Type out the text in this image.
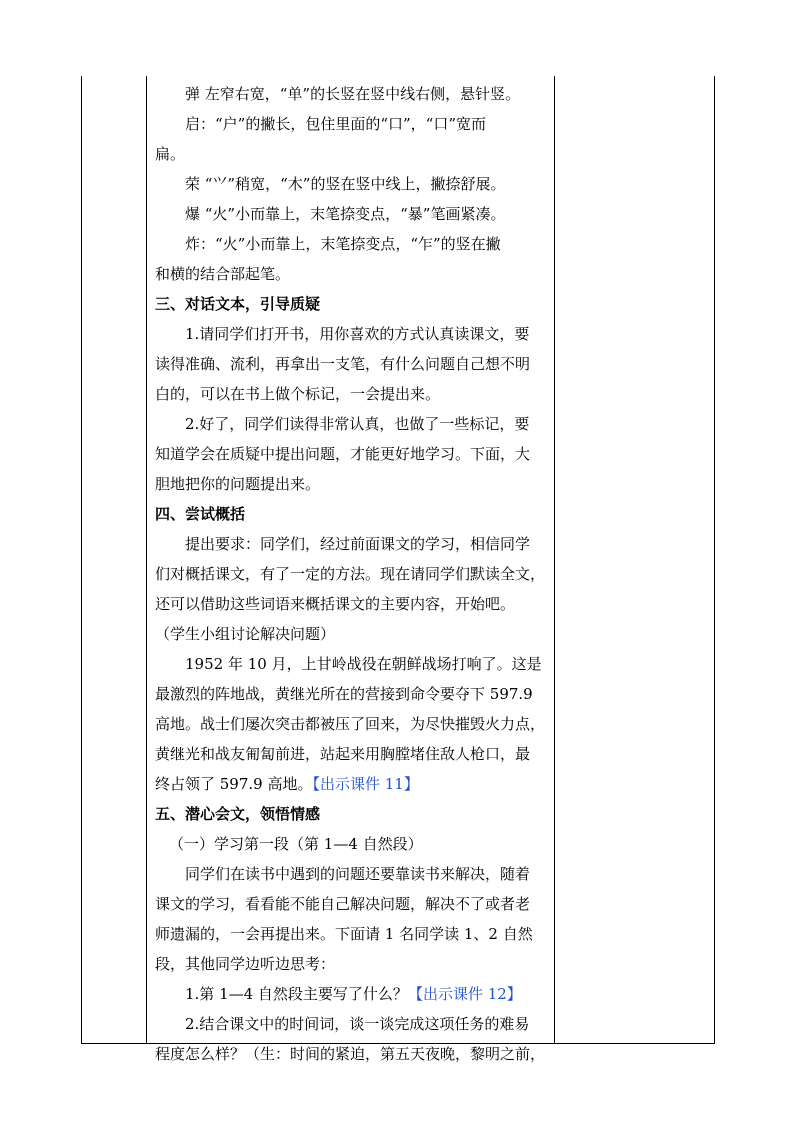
弹 左窄右宽，“单”的长竖在竖中线右侧，悬针竖。
启：“户”的撇长，包住里面的“口”，“口”宽而
扁。
荣 “⺍”稍宽，“木”的竖在竖中线上，撇捺舒展。
爆 “火”小而靠上，末笔捺变点，“暴”笔画紧凑。
炸：“火”小而靠上，末笔捺变点，“乍”的竖在撇
和横的结合部起笔。
三、对话文本，引导质疑
1.请同学们打开书，用你喜欢的方式认真读课文，要
读得准确、流利，再拿出一支笔，有什么问题自己想不明
白的，可以在书上做个标记，一会提出来。
2.好了，同学们读得非常认真，也做了一些标记，要
知道学会在质疑中提出问题，才能更好地学习。下面，大
胆地把你的问题提出来。
四、尝试概括
提出要求：同学们，经过前面课文的学习，相信同学
们对概括课文，有了一定的方法。现在请同学们默读全文，
还可以借助这些词语来概括课文的主要内容，开始吧。
（学生小组讨论解决问题）
1952 年 10 月，上甘岭战役在朝鲜战场打响了。这是
最激烈的阵地战，黄继光所在的营接到命令要夺下 597.9
高地。战士们屡次突击都被压了回来，为尽快摧毁火力点，
黄继光和战友匍匐前进，站起来用胸膛堵住敌人枪口，最
终占领了 597.9 高地。【出示课件 11】
五、潜心会文，领悟情感
（一）学习第一段（第 1—4 自然段）
同学们在读书中遇到的问题还要靠读书来解决，随着
课文的学习，看看能不能自己解决问题，解决不了或者老
师遗漏的，一会再提出来。下面请 1 名同学读 1、2 自然
段，其他同学边听边思考：
1.第 1—4 自然段主要写了什么？【出示课件 12】
2.结合课文中的时间词，谈一谈完成这项任务的难易
程度怎么样？（生：时间的紧迫，第五天夜晚，黎明之前，
